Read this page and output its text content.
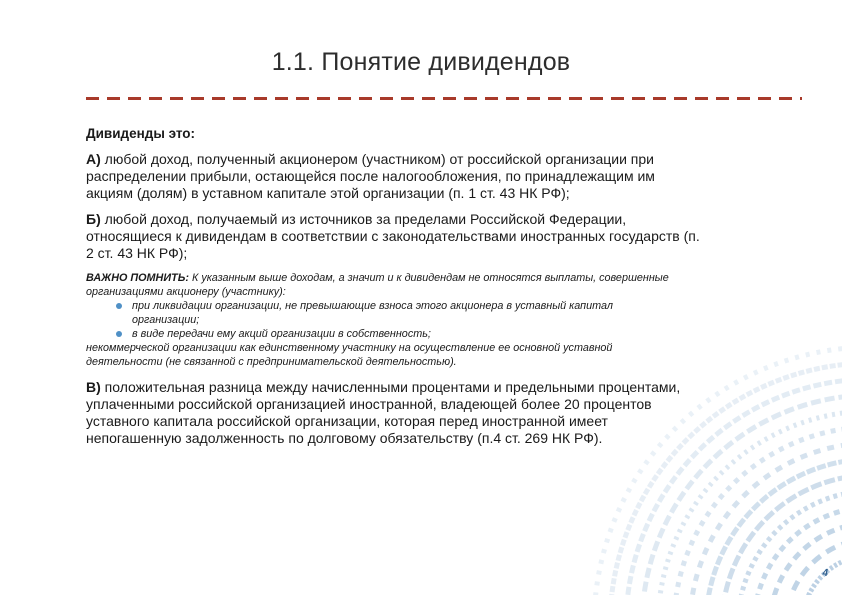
1.1. Понятие дивидендов
Дивиденды это:
А) любой доход, полученный акционером (участником) от российской организации при
распределении прибыли, остающейся после налогообложения, по принадлежащим им
акциям (долям) в уставном капитале этой организации (п. 1 ст. 43 НК РФ);
Б) любой доход, получаемый из источников за пределами Российской Федерации,
относящиеся к дивидендам в соответствии с законодательствами иностранных государств (п.
2 ст. 43 НК РФ);
ВАЖНО ПОМНИТЬ: К указанным выше доходам, а значит и к дивидендам не относятся выплаты, совершенные
организациями акционеру (участнику):
при ликвидации организации, не превышающие взноса этого акционера в уставный капитал
организации;
в виде передачи ему акций организации в собственность;
некоммерческой организации как единственному участнику на осуществление ее основной уставной
деятельности (не связанной с предпринимательской деятельностью).
В) положительная разница между начисленными процентами и предельными процентами,
уплаченными российской организацией иностранной, владеющей более 20 процентов
уставного капитала российской организации, которая перед иностранной имеет
непогашенную задолженность по долговому обязательству (п.4 ст. 269 НК РФ).
4
